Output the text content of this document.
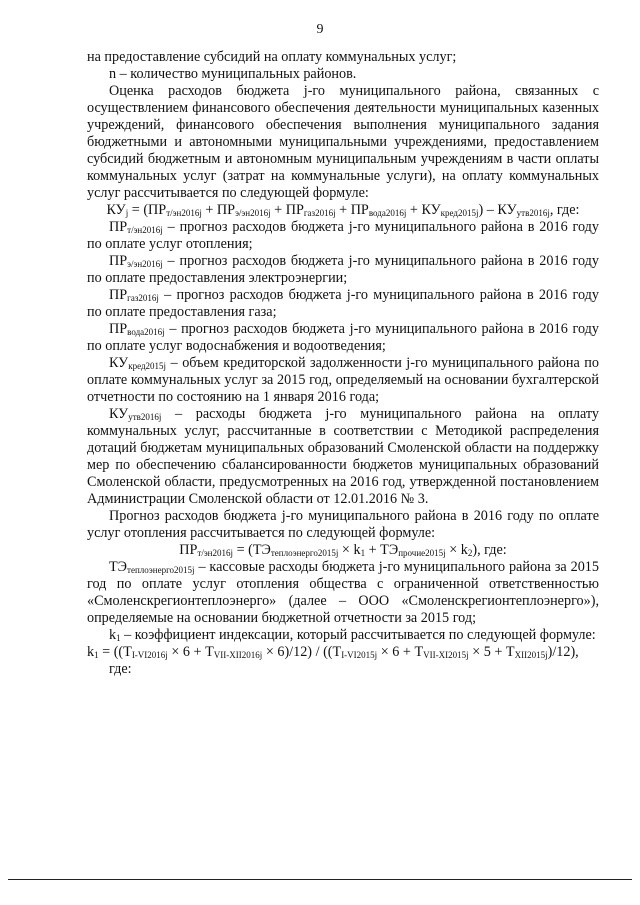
9

на предоставление субсидий на оплату коммунальных услуг;

n – количество муниципальных районов.

Оценка расходов бюджета j-го муниципального района, связанных с осуществлением финансового обеспечения деятельности муниципальных казенных учреждений, финансового обеспечения выполнения муниципального задания бюджетными и автономными муниципальными учреждениями, предоставлением субсидий бюджетным и автономным муниципальным учреждениям в части оплаты коммунальных услуг (затрат на коммунальные услуги), на оплату коммунальных услуг рассчитывается по следующей формуле:

$КУ_j = (ПР_{т/эн2016j} + ПР_{э/эн2016j} + ПР_{газ2016j} + ПР_{вода2016j} + КУ_{кред2015j}) - КУ_{утв2016j}$, где:

$ПР_{т/эн2016j}$ – прогноз расходов бюджета j-го муниципального района в 2016 году по оплате услуг отопления;

$ПР_{э/эн2016j}$ – прогноз расходов бюджета j-го муниципального района в 2016 году по оплате предоставления электроэнергии;

$ПР_{газ2016j}$ – прогноз расходов бюджета j-го муниципального района в 2016 году по оплате предоставления газа;

$ПР_{вода2016j}$ – прогноз расходов бюджета j-го муниципального района в 2016 году по оплате услуг водоснабжения и водоотведения;

$КУ_{кред2015j}$ – объем кредиторской задолженности j-го муниципального района по оплате коммунальных услуг за 2015 год, определяемый на основании бухгалтерской отчетности по состоянию на 1 января 2016 года;

$КУ_{утв2016j}$ – расходы бюджета j-го муниципального района на оплату коммунальных услуг, рассчитанные в соответствии с Методикой распределения дотаций бюджетам муниципальных образований Смоленской области на поддержку мер по обеспечению сбалансированности бюджетов муниципальных образований Смоленской области, предусмотренных на 2016 год, утвержденной постановлением Администрации Смоленской области от 12.01.2016 № 3.

Прогноз расходов бюджета j-го муниципального района в 2016 году по оплате услуг отопления рассчитывается по следующей формуле:

$ПР_{т/эн2016j} = (ТЭ_{теплоэнерго2015j} \times k_1 + ТЭ_{прочие2015j} \times k_2)$, где:

$ТЭ_{теплоэнерго2015j}$ – кассовые расходы бюджета j-го муниципального района за 2015 год по оплате услуг отопления общества с ограниченной ответственностью «Смоленскрегионтеплоэнерго» (далее – ООО «Смоленскрегионтеплоэнерго»), определяемые на основании бюджетной отчетности за 2015 год;

$k_1$ – коэффициент индексации, который рассчитывается по следующей формуле:

$k_1 = ((Т_{I-VI2016j} \times 6 + Т_{VII-XII2016j} \times 6)/12) / ((Т_{I-VI2015j} \times 6 + Т_{VII-XI2015j} \times 5 + Т_{XII2015j})/12)$,

где:
